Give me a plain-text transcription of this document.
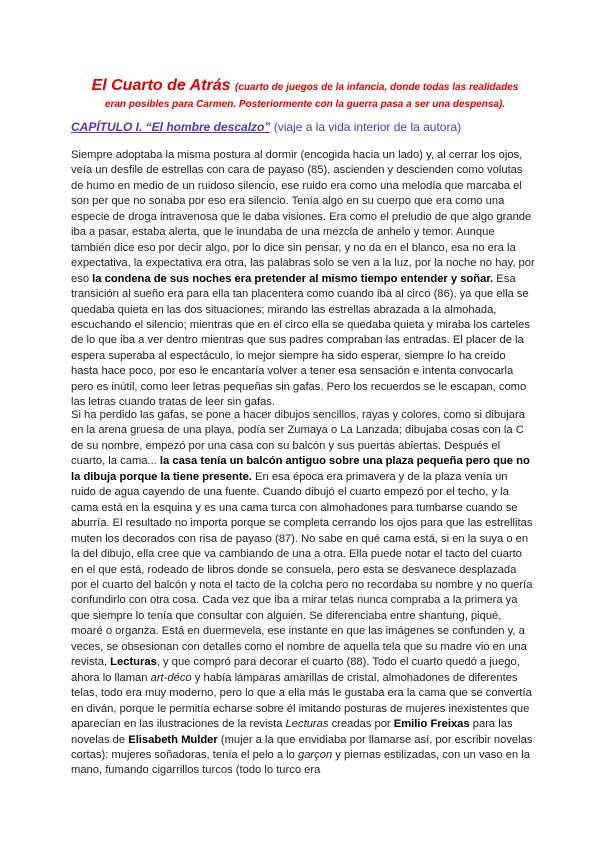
El Cuarto de Atrás (cuarto de juegos de la infancia, donde todas las realidades
eran posibles para Carmen. Posteriormente con la guerra pasa a ser una despensa).
CAPÍTULO I. “El hombre descalzo” (viaje a la vida interior de la autora)

Siempre adoptaba la misma postura al dormir (encogida hacia un lado) y, al cerrar los ojos, veía un desfile de estrellas con cara de payaso (85), ascienden y descienden como volutas de humo en medio de un ruidoso silencio, ese ruido era como una melodía que marcaba el son per que no sonaba por eso era silencio. Tenía algo en su cuerpo que era como una especie de droga intravenosa que le daba visiones. Era como el preludio de que algo grande iba a pasar, estaba alerta, que le inundaba de una mezcla de anhelo y temor. Aunque también dice eso por decir algo, por lo dice sin pensar, y no da en el blanco, esa no era la expectativa, la expectativa era otra, las palabras solo se ven a la luz, por la noche no hay, por eso la condena de sus noches era pretender al mismo tiempo entender y soñar. Esa transición al sueño era para ella tan placentera como cuando iba al circo (86), ya que ella se quedaba quieta en las dos situaciones; mirando las estrellas abrazada a la almohada, escuchando el silencio; mientras que en el circo ella se quedaba quieta y miraba los carteles de lo que iba a ver dentro mientras que sus padres compraban las entradas. El placer de la espera superaba al espectáculo, lo mejor siempre ha sido esperar, siempre lo ha creído hasta hace poco, por eso le encantaría volver a tener esa sensación e intenta convocarla pero es inútil, como leer letras pequeñas sin gafas. Pero los recuerdos se le escapan, como las letras cuando tratas de leer sin gafas.

Si ha perdido las gafas, se pone a hacer dibujos sencillos, rayas y colores, como si dibujara en la arena gruesa de una playa, podía ser Zumaya o La Lanzada; dibujaba cosas con la C de su nombre, empezó por una casa con su balcón y sus puertas abiertas. Después el cuarto, la cama... la casa tenía un balcón antiguo sobre una plaza pequeña pero que no la dibuja porque la tiene presente. En esa época era primavera y de la plaza venía un ruido de agua cayendo de una fuente. Cuando dibujó el cuarto empezó por el techo, y la cama está en la esquina y es una cama turca con almohadones para tumbarse cuando se aburría. El resultado no importa porque se completa cerrando los ojos para que las estrellitas muten los decorados con risa de payaso (87). No sabe en qué cama está, si en la suya o en la del dibujo, ella cree que va cambiando de una a otra. Ella puede notar el tacto del cuarto en el que está, rodeado de libros donde se consuela, pero esta se desvanece desplazada por el cuarto del balcón y nota el tacto de la colcha pero no recordaba su nombre y no quería confundirlo con otra cosa. Cada vez que iba a mirar telas nunca compraba a la primera ya que siempre lo tenía que consultar con alguien. Se diferenciaba entre shantung, piqué, moaré o organza. Está en duermevela, ese instante en que las imágenes se confunden y, a veces, se obsesionan con detalles como el nombre de aquella tela que su madre vio en una revista, Lecturas, y que compró para decorar el cuarto (88). Todo el cuarto quedó a juego, ahora lo llaman art-déco y había lámparas amarillas de cristal, almohadones de diferentes telas, todo era muy moderno, pero lo que a ella más le gustaba era la cama que se convertía en diván, porque le permitía echarse sobre él imitando posturas de mujeres inexistentes que aparecían en las ilustraciones de la revista Lecturas creadas por Emilio Freixas para las novelas de Elisabeth Mulder (mujer a la que envidiaba por llamarse así, por escribir novelas cortas): mujeres soñadoras, tenía el pelo a lo garçon y piernas estilizadas, con un vaso en la mano, fumando cigarrillos turcos (todo lo turco era
